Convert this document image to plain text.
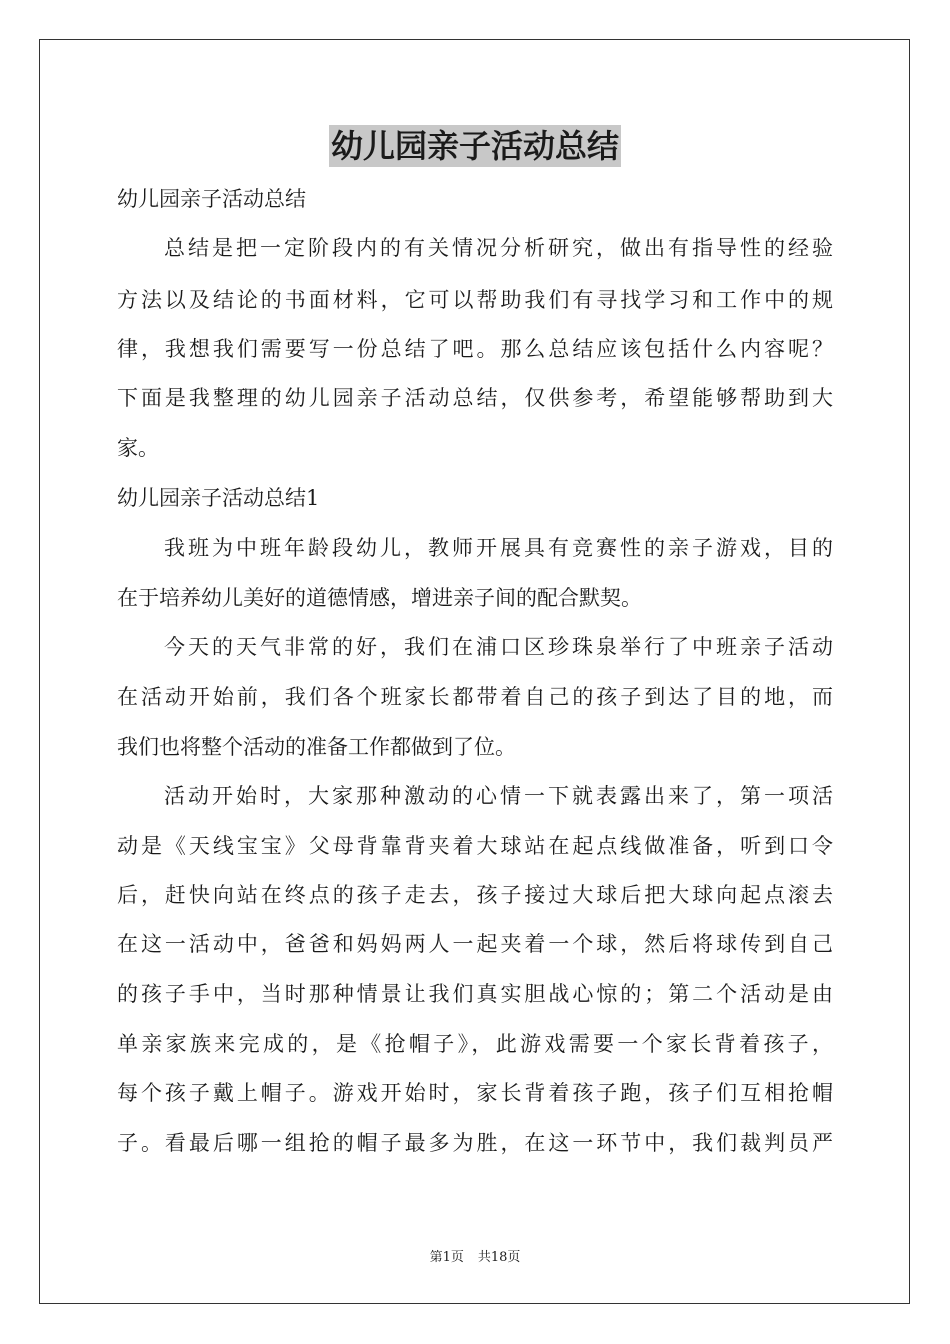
幼儿园亲子活动总结

幼儿园亲子活动总结

总结是把一定阶段内的有关情况分析研究，做出有指导性的经验

方法以及结论的书面材料，它可以帮助我们有寻找学习和工作中的规

律，我想我们需要写一份总结了吧。那么总结应该包括什么内容呢？

下面是我整理的幼儿园亲子活动总结，仅供参考，希望能够帮助到大

家。

幼儿园亲子活动总结1

我班为中班年龄段幼儿，教师开展具有竞赛性的亲子游戏，目的

在于培养幼儿美好的道德情感，增进亲子间的配合默契。

今天的天气非常的好，我们在浦口区珍珠泉举行了中班亲子活动

在活动开始前，我们各个班家长都带着自己的孩子到达了目的地，而

我们也将整个活动的准备工作都做到了位。

活动开始时，大家那种激动的心情一下就表露出来了，第一项活

动是《天线宝宝》父母背靠背夹着大球站在起点线做准备，听到口令

后，赶快向站在终点的孩子走去，孩子接过大球后把大球向起点滚去

在这一活动中，爸爸和妈妈两人一起夹着一个球，然后将球传到自己

的孩子手中，当时那种情景让我们真实胆战心惊的；第二个活动是由

单亲家族来完成的，是《抢帽子》，此游戏需要一个家长背着孩子，

每个孩子戴上帽子。游戏开始时，家长背着孩子跑，孩子们互相抢帽

子。看最后哪一组抢的帽子最多为胜，在这一环节中，我们裁判员严

第1页 共18页
